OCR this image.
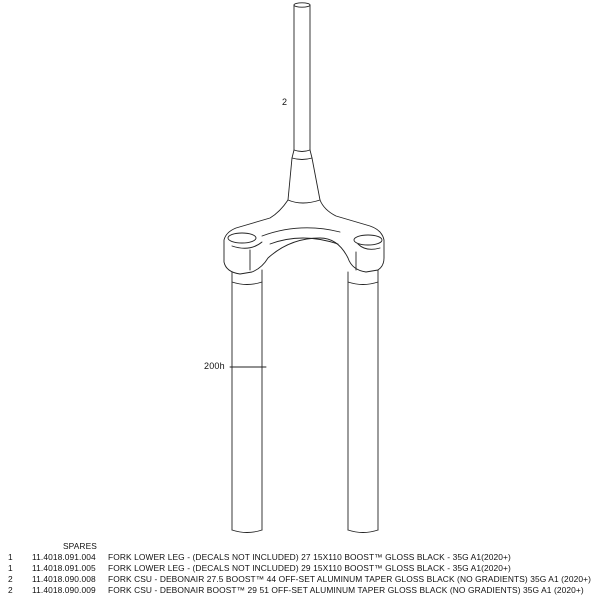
2
200h
SPARES
1 11.4018.091.004 FORK LOWER LEG - (DECALS NOT INCLUDED) 27 15X110 BOOST™ GLOSS BLACK - 35G A1(2020+)
1 11.4018.091.005 FORK LOWER LEG - (DECALS NOT INCLUDED) 29 15X110 BOOST™ GLOSS BLACK - 35G A1(2020+)
2 11.4018.090.008 FORK CSU - DEBONAIR 27.5 BOOST™ 44 OFF-SET ALUMINUM TAPER GLOSS BLACK (NO GRADIENTS) 35G A1 (2020+)
2 11.4018.090.009 FORK CSU - DEBONAIR BOOST™ 29 51 OFF-SET ALUMINUM TAPER GLOSS BLACK (NO GRADIENTS) 35G A1 (2020+)
